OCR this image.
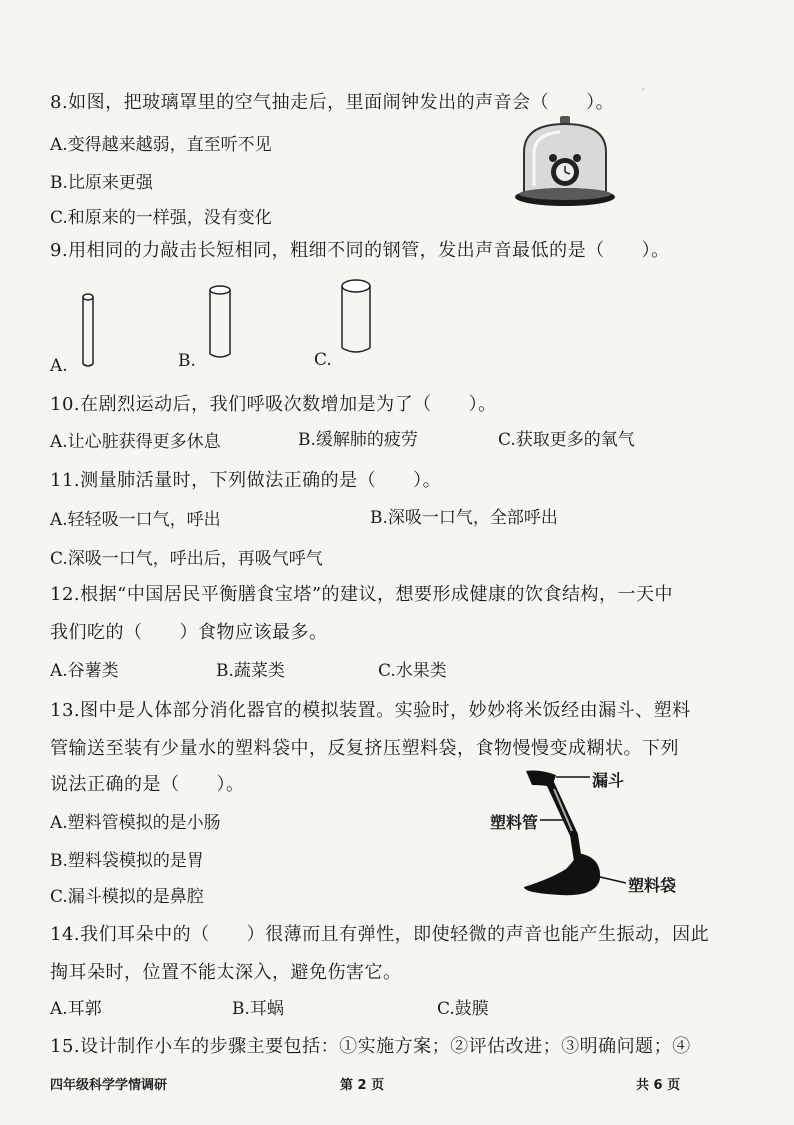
·
8.如图，把玻璃罩里的空气抽走后，里面闹钟发出的声音会（　　）。
A.变得越来越弱，直至听不见
B.比原来更强
C.和原来的一样强，没有变化
9.用相同的力敲击长短相同，粗细不同的钢管，发出声音最低的是（　　）。
A.	B.	C.
10.在剧烈运动后，我们呼吸次数增加是为了（　　）。
A.让心脏获得更多休息	B.缓解肺的疲劳	C.获取更多的氧气
11.测量肺活量时，下列做法正确的是（　　）。
A.轻轻吸一口气，呼出	B.深吸一口气，全部呼出
C.深吸一口气，呼出后，再吸气呼气
12.根据“中国居民平衡膳食宝塔”的建议，想要形成健康的饮食结构，一天中
我们吃的（　　）食物应该最多。
A.谷薯类	B.蔬菜类	C.水果类
13.图中是人体部分消化器官的模拟装置。实验时，妙妙将米饭经由漏斗、塑料
管输送至装有少量水的塑料袋中，反复挤压塑料袋，食物慢慢变成糊状。下列
说法正确的是（　　）。
A.塑料管模拟的是小肠
B.塑料袋模拟的是胃
C.漏斗模拟的是鼻腔
漏斗
塑料管
塑料袋
14.我们耳朵中的（　　）很薄而且有弹性，即使轻微的声音也能产生振动，因此
掏耳朵时，位置不能太深入，避免伤害它。
A.耳郭	B.耳蜗	C.鼓膜
15.设计制作小车的步骤主要包括：①实施方案；②评估改进；③明确问题；④
四年级科学学情调研	第 2 页	共 6 页
